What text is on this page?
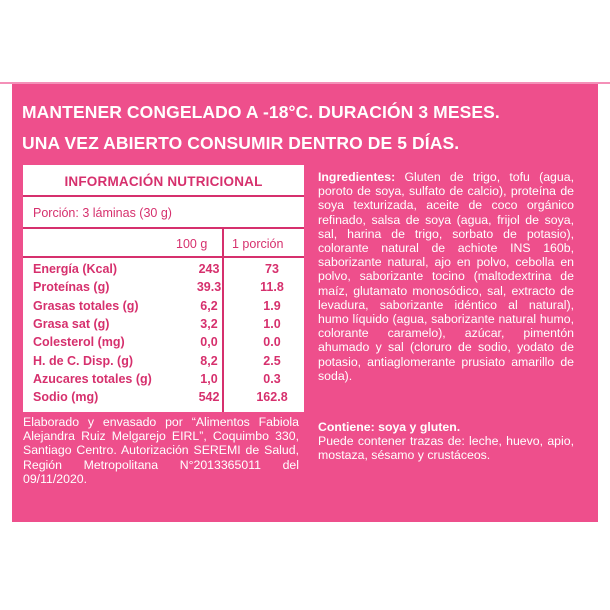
MANTENER CONGELADO A -18°C. DURACIÓN 3 MESES.
UNA VEZ ABIERTO CONSUMIR DENTRO DE 5 DÍAS.
INFORMACIÓN NUTRICIONAL
Porción: 3 láminas (30 g)
100 g 1 porción
Energía (Kcal)	243	73
Proteínas (g)	39.3	11.8
Grasas totales (g)	6,2	1.9
Grasa sat (g)	3,2	1.0
Colesterol (mg)	0,0	0.0
H. de C. Disp. (g)	8,2	2.5
Azucares totales (g)	1,0	0.3
Sodio (mg)	542	162.8
Elaborado y envasado por “Alimentos Fabiola Alejandra Ruiz Melgarejo EIRL”, Coquimbo 330, Santiago Centro. Autorización SEREMI de Salud, Región Metropolitana N°2013365011 del 09/11/2020.
Ingredientes: Gluten de trigo, tofu (agua, poroto de soya, sulfato de calcio), proteína de soya texturizada, aceite de coco orgánico refinado, salsa de soya (agua, frijol de soya, sal, harina de trigo, sorbato de potasio), colorante natural de achiote INS 160b, saborizante natural, ajo en polvo, cebolla en polvo, saborizante tocino (maltodextrina de maíz, glutamato monosódico, sal, extracto de levadura, saborizante idéntico al natural), humo líquido (agua, saborizante natural humo, colorante caramelo), azúcar, pimentón ahumado y sal (cloruro de sodio, yodato de potasio, antiaglomerante prusiato amarillo de soda).
Contiene: soya y gluten.
Puede contener trazas de: leche, huevo, apio, mostaza, sésamo y crustáceos.
